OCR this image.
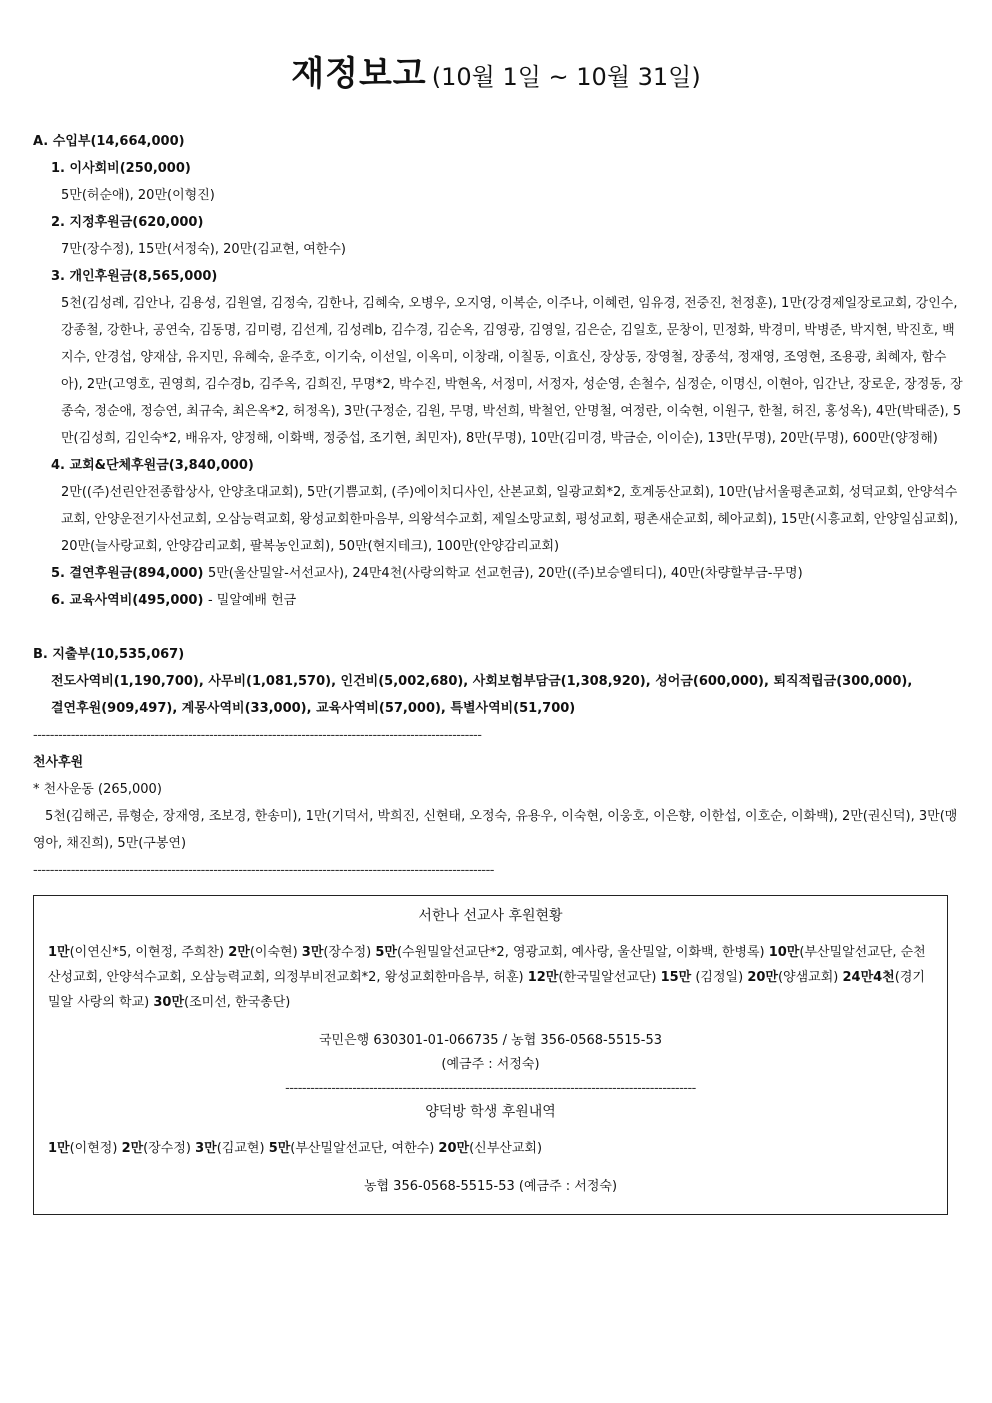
재정보고 (10월 1일 ~ 10월 31일)
A. 수입부(14,664,000)
1. 이사회비(250,000)
5만(허순애), 20만(이형진)
2. 지정후원금(620,000)
7만(장수정), 15만(서정숙), 20만(김교현, 여한수)
3. 개인후원금(8,565,000)
5천(김성례, 김안나, 김용성, 김원열, 김정숙, 김한나, 김혜숙, 오병우, 오지영, 이복순, 이주나, 이혜련, 임유경, 전중진, 천정훈), 1만(강경제일장로교회, 강인수, 강종철, 강한나, 공연숙, 김동명, 김미령, 김선계, 김성례b, 김수경, 김순옥, 김영광, 김영일, 김은순, 김일호, 문창이, 민정화, 박경미, 박병준, 박지현, 박진호, 백지수, 안경섭, 양재삼, 유지민, 유혜숙, 윤주호, 이기숙, 이선일, 이옥미, 이창래, 이칠동, 이효신, 장상동, 장영철, 장종석, 정재영, 조영현, 조용광, 최혜자, 함수아), 2만(고영호, 권영희, 김수경b, 김주옥, 김희진, 무명*2, 박수진, 박현옥, 서정미, 서정자, 성순영, 손철수, 심정순, 이명신, 이현아, 임간난, 장로운, 장정동, 장종숙, 정순애, 정승연, 최규숙, 최은옥*2, 허정옥), 3만(구정순, 김원, 무명, 박선희, 박철언, 안명철, 여정란, 이숙현, 이원구, 한철, 허진, 홍성옥), 4만(박태준), 5만(김성희, 김인숙*2, 배유자, 양정해, 이화백, 정중섭, 조기현, 최민자), 8만(무명), 10만(김미경, 박금순, 이이순), 13만(무명), 20만(무명), 600만(양정해)
4. 교회&단체후원금(3,840,000)
2만((주)선린안전종합상사, 안양초대교회), 5만(기쁨교회, (주)에이치디사인, 산본교회, 일광교회*2, 호계동산교회), 10만(남서울평촌교회, 성덕교회, 안양석수교회, 안양운전기사선교회, 오삼능력교회, 왕성교회한마음부, 의왕석수교회, 제일소망교회, 평성교회, 평촌새순교회, 헤아교회), 15만(시흥교회, 안양일심교회), 20만(늘사랑교회, 안양감리교회, 팔복농인교회), 50만(현지테크), 100만(안양감리교회)
5. 결연후원금(894,000) 5만(울산밀알-서선교사), 24만4천(사랑의학교 선교헌금), 20만((주)보승엘티디), 40만(차량할부금-무명)
6. 교육사역비(495,000) - 밀알예배 헌금
B. 지출부(10,535,067)
전도사역비(1,190,700), 사무비(1,081,570), 인건비(5,002,680), 사회보험부담금(1,308,920), 성어금(600,000), 퇴직적립금(300,000),
결연후원(909,497), 계몽사역비(33,000), 교육사역비(57,000), 특별사역비(51,700)
-----------------------------------------------------------------------------------------------------------
천사후원
* 천사운동 (265,000)
5천(김해곤, 류형순, 장재영, 조보경, 한송미), 1만(기덕서, 박희진, 신현태, 오정숙, 유용우, 이숙현, 이웅호, 이은향, 이한섭, 이호순, 이화백), 2만(권신덕), 3만(맹영아, 채진희), 5만(구봉연)
--------------------------------------------------------------------------------------------------------------
서한나 선교사 후원현황
1만(이연신*5, 이현정, 주희찬) 2만(이숙현) 3만(장수정) 5만(수원밀알선교단*2, 영광교회, 예사랑, 울산밀알, 이화백, 한병록) 10만(부산밀알선교단, 순천산성교회, 안양석수교회, 오삼능력교회, 의정부비전교회*2, 왕성교회한마음부, 허훈) 12만(한국밀알선교단) 15만 (김정일) 20만(양샘교회) 24만4천(경기밀알 사랑의 학교) 30만(조미선, 한국총단)
국민은행 630301-01-066735 / 농협 356-0568-5515-53
(예금주 : 서정숙)
--------------------------------------------------------------------------------------------------
양덕방 학생 후원내역
1만(이현정) 2만(장수정) 3만(김교현) 5만(부산밀알선교단, 여한수) 20만(신부산교회)
농협 356-0568-5515-53 (예금주 : 서정숙)
